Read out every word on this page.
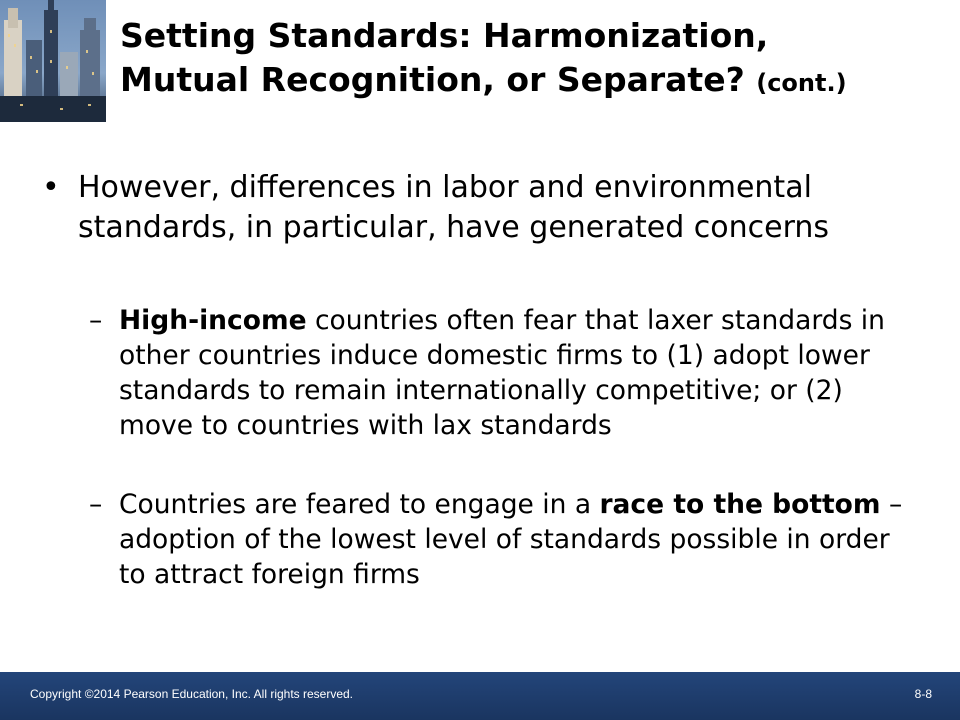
Setting Standards: Harmonization,
Mutual Recognition, or Separate? (cont.)
• However, differences in labor and environmental standards, in particular, have generated concerns
– High-income countries often fear that laxer standards in other countries induce domestic firms to (1) adopt lower standards to remain internationally competitive; or (2) move to countries with lax standards
– Countries are feared to engage in a race to the bottom – adoption of the lowest level of standards possible in order to attract foreign firms
Copyright ©2014 Pearson Education, Inc. All rights reserved.	8-8
